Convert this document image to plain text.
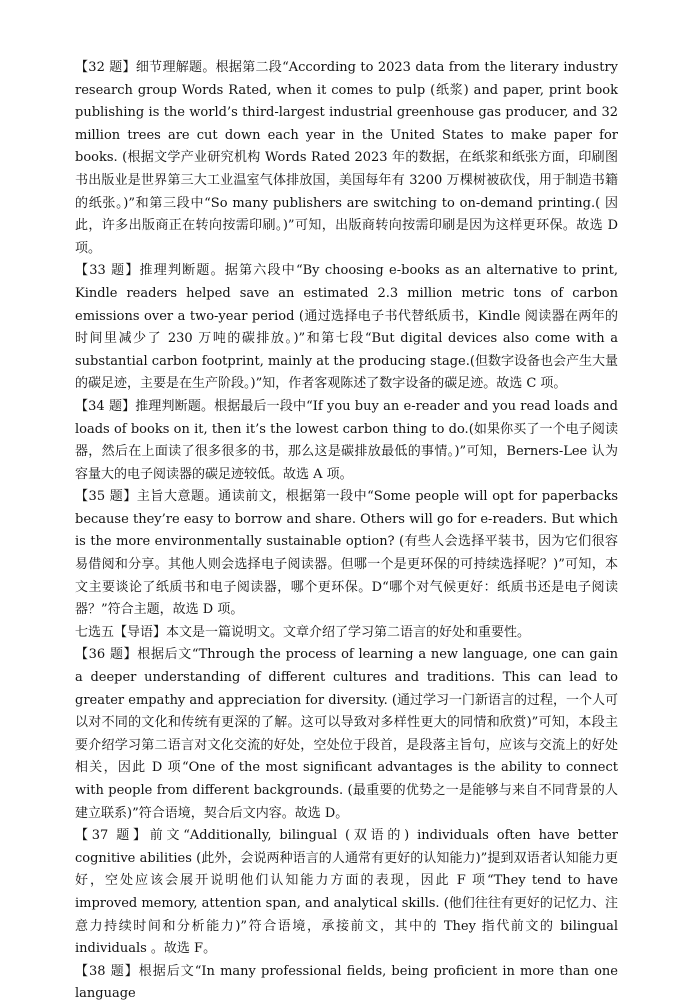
【32 题】细节理解题。根据第二段“According to 2023 data from the literary industry research group Words Rated, when it comes to pulp (纸浆) and paper, print book publishing is the world’s third-largest industrial greenhouse gas producer, and 32 million trees are cut down each year in the United States to make paper for books. (根据文学产业研究机构 Words Rated 2023 年的数据，在纸浆和纸张方面，印刷图书出版业是世界第三大工业温室气体排放国，美国每年有 3200 万棵树被砍伐，用于制造书籍的纸张。)”和第三段中“So many publishers are switching to on-demand printing.( 因此，许多出版商正在转向按需印刷。)”可知，出版商转向按需印刷是因为这样更环保。故选 D 项。

【33 题】推理判断题。据第六段中“By choosing e-books as an alternative to print, Kindle readers helped save an estimated 2.3 million metric tons of carbon emissions over a two-year period (通过选择电子书代替纸质书，Kindle 阅读器在两年的时间里减少了 230 万吨的碳排放。)”和第七段“But digital devices also come with a substantial carbon footprint, mainly at the producing stage.(但数字设备也会产生大量的碳足迹，主要是在生产阶段。)”知，作者客观陈述了数字设备的碳足迹。故选 C 项。

【34 题】推理判断题。根据最后一段中“If you buy an e-reader and you read loads and loads of books on it, then it’s the lowest carbon thing to do.(如果你买了一个电子阅读器，然后在上面读了很多很多的书，那么这是碳排放最低的事情。)”可知，Berners-Lee 认为容量大的电子阅读器的碳足迹较低。故选 A 项。

【35 题】主旨大意题。通读前文，根据第一段中“Some people will opt for paperbacks because they’re easy to borrow and share. Others will go for e-readers. But which is the more environmentally sustainable option? (有些人会选择平装书，因为它们很容易借阅和分享。其他人则会选择电子阅读器。但哪一个是更环保的可持续选择呢？)”可知，本文主要谈论了纸质书和电子阅读器，哪个更环保。D“哪个对气候更好：纸质书还是电子阅读器？”符合主题，故选 D 项。

七选五【导语】本文是一篇说明文。文章介绍了学习第二语言的好处和重要性。

【36 题】根据后文“Through the process of learning a new language, one can gain a deeper understanding of different cultures and traditions. This can lead to greater empathy and appreciation for diversity. (通过学习一门新语言的过程，一个人可以对不同的文化和传统有更深的了解。这可以导致对多样性更大的同情和欣赏)”可知，本段主要介绍学习第二语言对文化交流的好处，空处位于段首，是段落主旨句，应该与交流上的好处相关，因此 D 项“One of the most significant advantages is the ability to connect with people from different backgrounds. (最重要的优势之一是能够与来自不同背景的人建立联系)”符合语境，契合后文内容。故选 D。

【37 题】前文“Additionally, bilingual (双语的) individuals often have better cognitive abilities (此外，会说两种语言的人通常有更好的认知能力)”提到双语者认知能力更好，空处应该会展开说明他们认知能力方面的表现，因此 F 项“They tend to have improved memory, attention span, and analytical skills. (他们往往有更好的记忆力、注意力持续时间和分析能力)”符合语境，承接前文，其中的 They 指代前文的 bilingual individuals 。故选 F。

【38 题】根据后文“In many professional fields, being proficient in more than one language
